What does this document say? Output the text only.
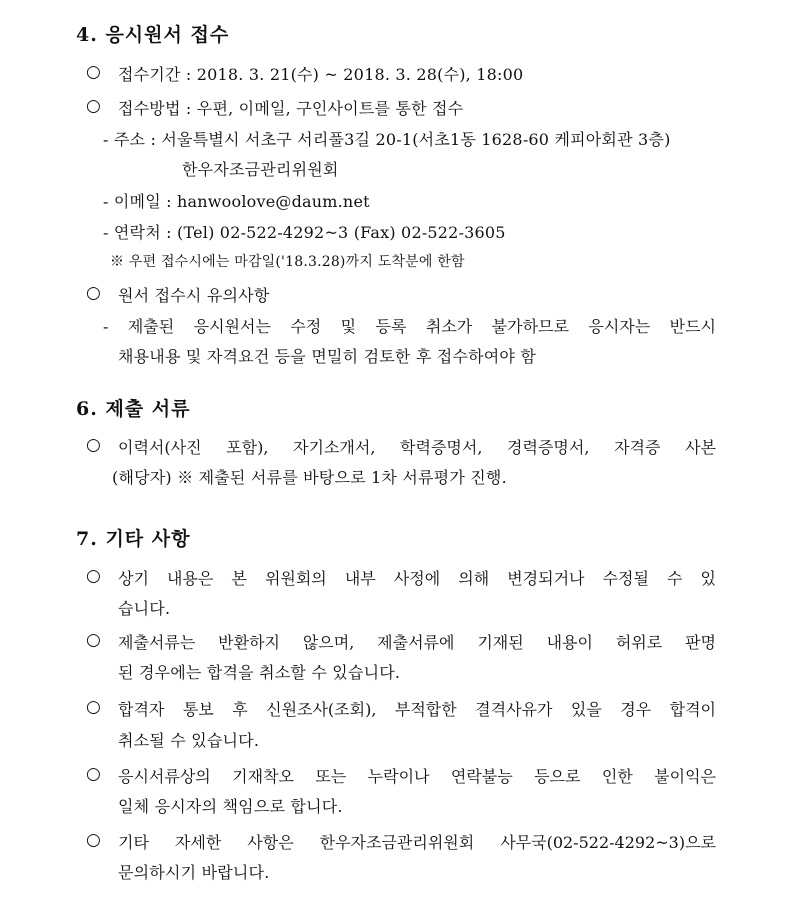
4. 응시원서 접수
○ 접수기간 : 2018. 3. 21(수) ~ 2018. 3. 28(수), 18:00
○ 접수방법 : 우편, 이메일, 구인사이트를 통한 접수
- 주소 : 서울특별시 서초구 서리풀3길 20-1(서초1동 1628-60 케피아회관 3층)
한우자조금관리위원회
- 이메일 : hanwoolove@daum.net
- 연락처 : (Tel) 02-522-4292~3 (Fax) 02-522-3605
※ 우편 접수시에는 마감일('18.3.28)까지 도착분에 한함
○ 원서 접수시 유의사항
- 제출된 응시원서는 수정 및 등록 취소가 불가하므로 응시자는 반드시
채용내용 및 자격요건 등을 면밀히 검토한 후 접수하여야 함
6. 제출 서류
○ 이력서(사진 포함), 자기소개서, 학력증명서, 경력증명서, 자격증 사본
(해당자) ※ 제출된 서류를 바탕으로 1차 서류평가 진행.
7. 기타 사항
○ 상기 내용은 본 위원회의 내부 사정에 의해 변경되거나 수정될 수 있
습니다.
○ 제출서류는 반환하지 않으며, 제출서류에 기재된 내용이 허위로 판명
된 경우에는 합격을 취소할 수 있습니다.
○ 합격자 통보 후 신원조사(조회), 부적합한 결격사유가 있을 경우 합격이
취소될 수 있습니다.
○ 응시서류상의 기재착오 또는 누락이나 연락불능 등으로 인한 불이익은
일체 응시자의 책임으로 합니다.
○ 기타 자세한 사항은 한우자조금관리위원회 사무국(02-522-4292~3)으로
문의하시기 바랍니다.
